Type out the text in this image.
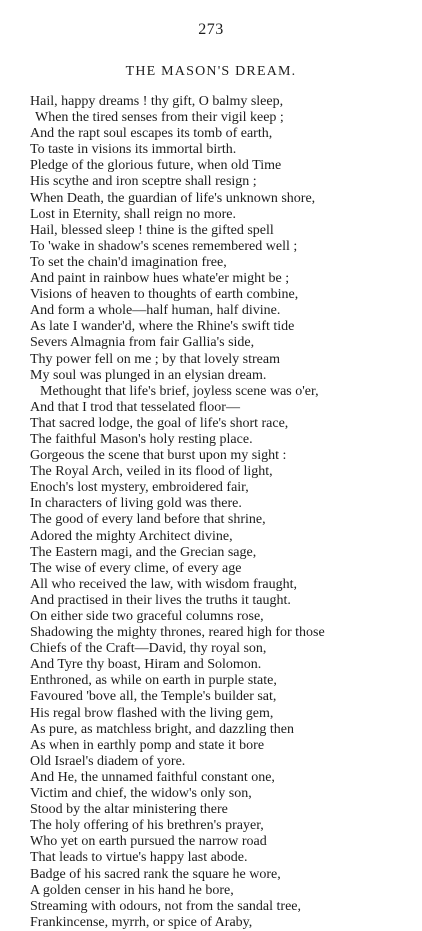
273
THE MASON'S DREAM.
Hail, happy dreams ! thy gift, O balmy sleep,
When the tired senses from their vigil keep ;
And the rapt soul escapes its tomb of earth,
To taste in visions its immortal birth.
Pledge of the glorious future, when old Time
His scythe and iron sceptre shall resign ;
When Death, the guardian of life's unknown shore,
Lost in Eternity, shall reign no more.
Hail, blessed sleep ! thine is the gifted spell
To 'wake in shadow's scenes remembered well ;
To set the chain'd imagination free,
And paint in rainbow hues whate'er might be ;
Visions of heaven to thoughts of earth combine,
And form a whole—half human, half divine.
As late I wander'd, where the Rhine's swift tide
Severs Almagnia from fair Gallia's side,
Thy power fell on me ; by that lovely stream
My soul was plunged in an elysian dream.
Methought that life's brief, joyless scene was o'er,
And that I trod that tesselated floor—
That sacred lodge, the goal of life's short race,
The faithful Mason's holy resting place.
Gorgeous the scene that burst upon my sight :
The Royal Arch, veiled in its flood of light,
Enoch's lost mystery, embroidered fair,
In characters of living gold was there.
The good of every land before that shrine,
Adored the mighty Architect divine,
The Eastern magi, and the Grecian sage,
The wise of every clime, of every age
All who received the law, with wisdom fraught,
And practised in their lives the truths it taught.
On either side two graceful columns rose,
Shadowing the mighty thrones, reared high for those
Chiefs of the Craft—David, thy royal son,
And Tyre thy boast, Hiram and Solomon.
Enthroned, as while on earth in purple state,
Favoured 'bove all, the Temple's builder sat,
His regal brow flashed with the living gem,
As pure, as matchless bright, and dazzling then
As when in earthly pomp and state it bore
Old Israel's diadem of yore.
And He, the unnamed faithful constant one,
Victim and chief, the widow's only son,
Stood by the altar ministering there
The holy offering of his brethren's prayer,
Who yet on earth pursued the narrow road
That leads to virtue's happy last abode.
Badge of his sacred rank the square he wore,
A golden censer in his hand he bore,
Streaming with odours, not from the sandal tree,
Frankincense, myrrh, or spice of Araby,
